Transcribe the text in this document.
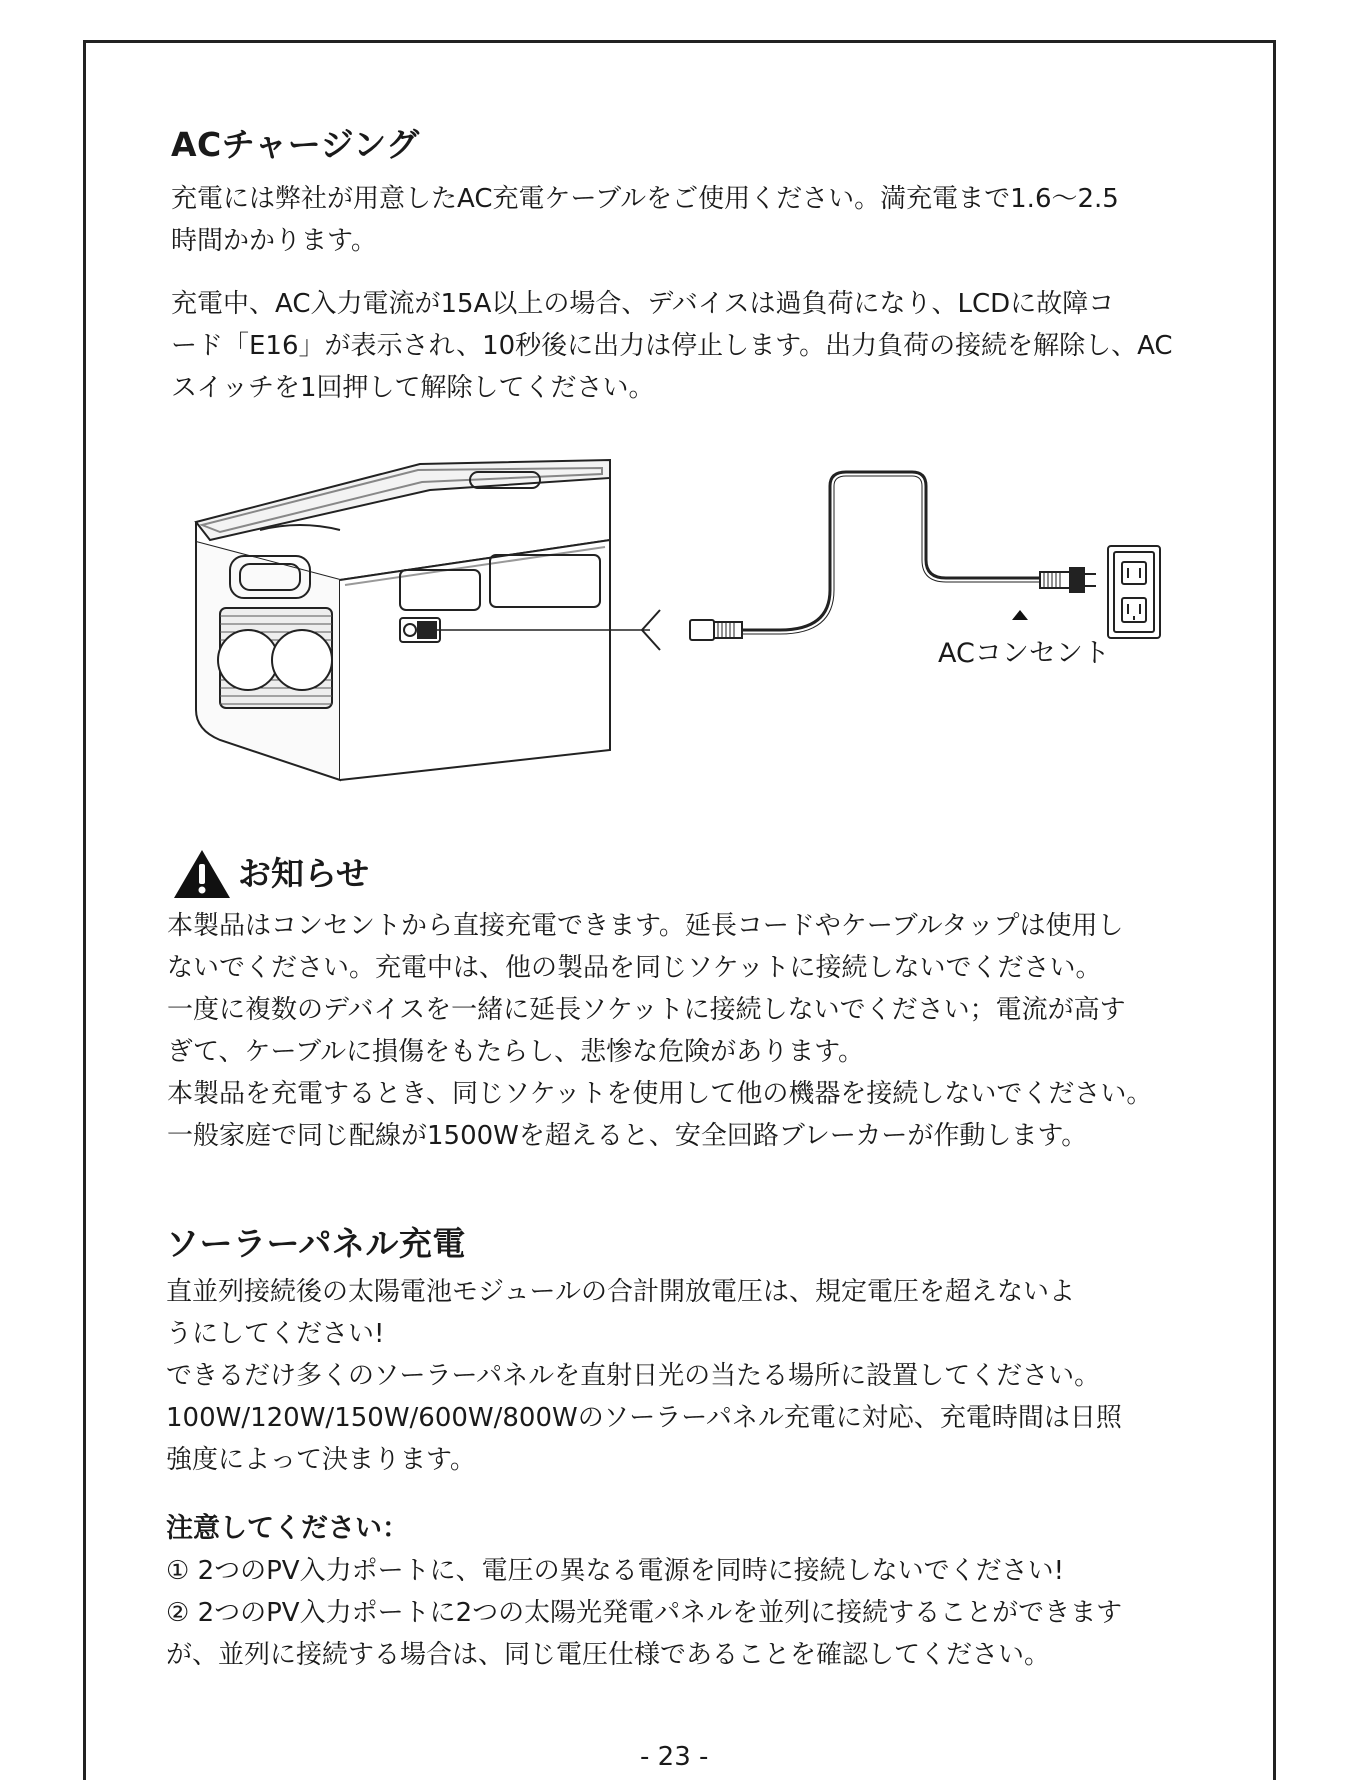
ACチャージング

充電には弊社が用意したAC充電ケーブルをご使用ください。満充電まで1.6～2.5
時間かかります。

充電中、AC入力電流が15A以上の場合、デバイスは過負荷になり、LCDに故障コ
ード「E16」が表示され、10秒後に出力は停止します。出力負荷の接続を解除し、AC
スイッチを1回押して解除してください。

ACコンセント
お知らせ

本製品はコンセントから直接充電できます。延長コードやケーブルタップは使用し
ないでください。充電中は、他の製品を同じソケットに接続しないでください。
一度に複数のデバイスを一緒に延長ソケットに接続しないでください；電流が高す
ぎて、ケーブルに損傷をもたらし、悲惨な危険があります。
本製品を充電するとき、同じソケットを使用して他の機器を接続しないでください。
一般家庭で同じ配線が1500Wを超えると、安全回路ブレーカーが作動します。

ソーラーパネル充電

直並列接続後の太陽電池モジュールの合計開放電圧は、規定電圧を超えないよ
うにしてください!
できるだけ多くのソーラーパネルを直射日光の当たる場所に設置してください。
100W/120W/150W/600W/800Wのソーラーパネル充電に対応、充電時間は日照
強度によって決まります。

注意してください：

① 2つのPV入力ポートに、電圧の異なる電源を同時に接続しないでください!
② 2つのPV入力ポートに2つの太陽光発電パネルを並列に接続することができます
が、並列に接続する場合は、同じ電圧仕様であることを確認してください。

- 23 -
